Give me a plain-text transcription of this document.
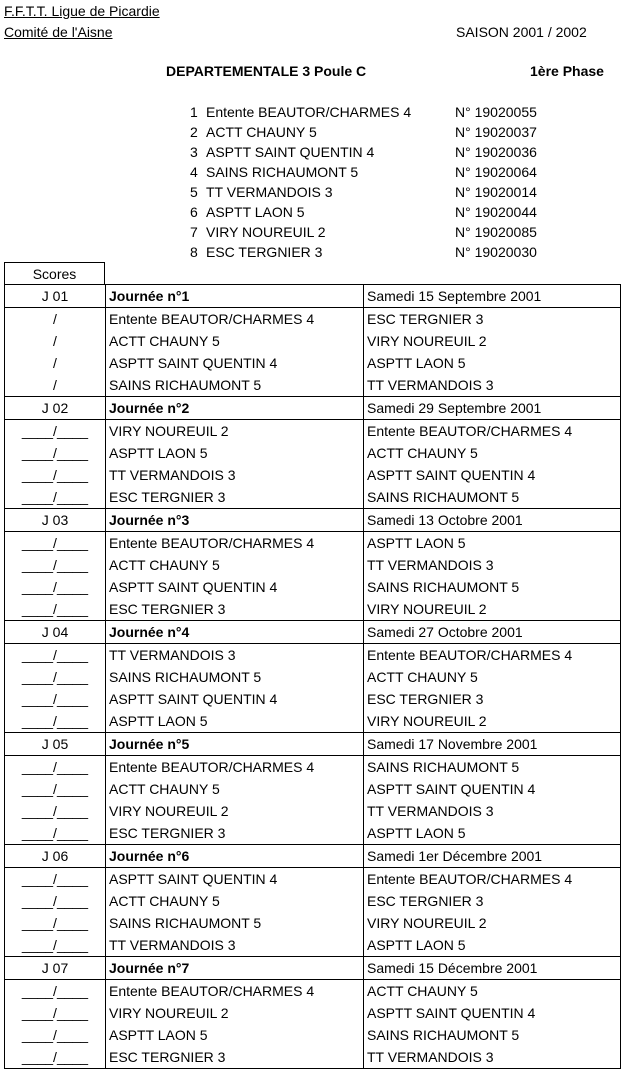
F.F.T.T. Ligue de Picardie
Comité de l'Aisne	SAISON 2001 / 2002
DEPARTEMENTALE 3 Poule C	1ère Phase
1 Entente BEAUTOR/CHARMES 4	N° 19020055
2 ACTT CHAUNY 5	N° 19020037
3 ASPTT SAINT QUENTIN 4	N° 19020036
4 SAINS RICHAUMONT 5	N° 19020064
5 TT VERMANDOIS 3	N° 19020014
6 ASPTT LAON 5	N° 19020044
7 VIRY NOUREUIL 2	N° 19020085
8 ESC TERGNIER 3	N° 19020030
Scores
J 01	Journée n°1	Samedi 15 Septembre 2001
/	Entente BEAUTOR/CHARMES 4	ESC TERGNIER 3
/	ACTT CHAUNY 5	VIRY NOUREUIL 2
/	ASPTT SAINT QUENTIN 4	ASPTT LAON 5
/	SAINS RICHAUMONT 5	TT VERMANDOIS 3
J 02	Journée n°2	Samedi 29 Septembre 2001
____/____	VIRY NOUREUIL 2	Entente BEAUTOR/CHARMES 4
____/____	ASPTT LAON 5	ACTT CHAUNY 5
____/____	TT VERMANDOIS 3	ASPTT SAINT QUENTIN 4
____/____	ESC TERGNIER 3	SAINS RICHAUMONT 5
J 03	Journée n°3	Samedi 13 Octobre 2001
____/____	Entente BEAUTOR/CHARMES 4	ASPTT LAON 5
____/____	ACTT CHAUNY 5	TT VERMANDOIS 3
____/____	ASPTT SAINT QUENTIN 4	SAINS RICHAUMONT 5
____/____	ESC TERGNIER 3	VIRY NOUREUIL 2
J 04	Journée n°4	Samedi 27 Octobre 2001
____/____	TT VERMANDOIS 3	Entente BEAUTOR/CHARMES 4
____/____	SAINS RICHAUMONT 5	ACTT CHAUNY 5
____/____	ASPTT SAINT QUENTIN 4	ESC TERGNIER 3
____/____	ASPTT LAON 5	VIRY NOUREUIL 2
J 05	Journée n°5	Samedi 17 Novembre 2001
____/____	Entente BEAUTOR/CHARMES 4	SAINS RICHAUMONT 5
____/____	ACTT CHAUNY 5	ASPTT SAINT QUENTIN 4
____/____	VIRY NOUREUIL 2	TT VERMANDOIS 3
____/____	ESC TERGNIER 3	ASPTT LAON 5
J 06	Journée n°6	Samedi 1er Décembre 2001
____/____	ASPTT SAINT QUENTIN 4	Entente BEAUTOR/CHARMES 4
____/____	ACTT CHAUNY 5	ESC TERGNIER 3
____/____	SAINS RICHAUMONT 5	VIRY NOUREUIL 2
____/____	TT VERMANDOIS 3	ASPTT LAON 5
J 07	Journée n°7	Samedi 15 Décembre 2001
____/____	Entente BEAUTOR/CHARMES 4	ACTT CHAUNY 5
____/____	VIRY NOUREUIL 2	ASPTT SAINT QUENTIN 4
____/____	ASPTT LAON 5	SAINS RICHAUMONT 5
____/____	ESC TERGNIER 3	TT VERMANDOIS 3
